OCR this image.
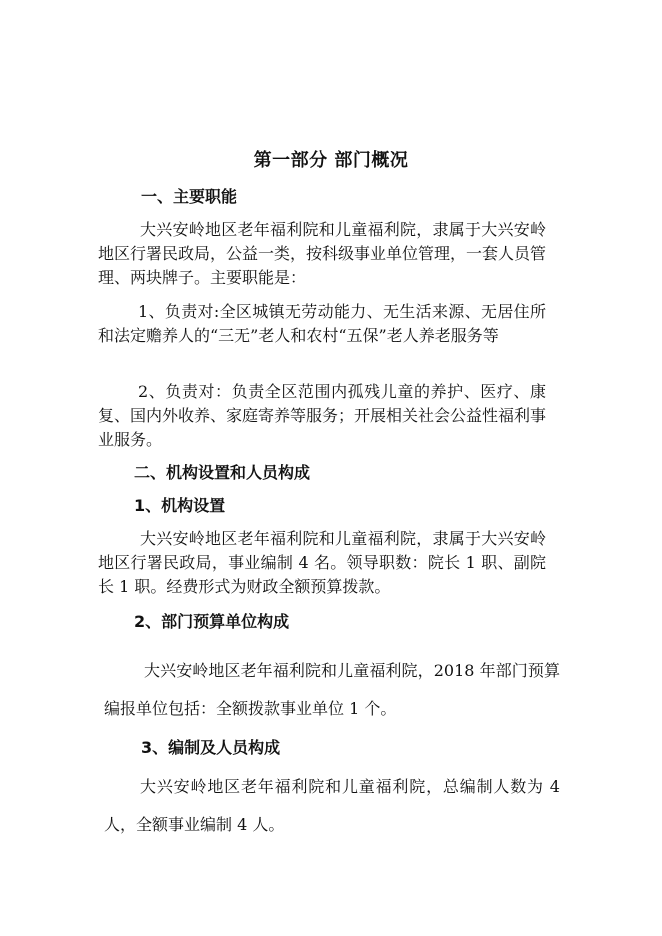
第一部分 部门概况
一、主要职能
大兴安岭地区老年福利院和儿童福利院，隶属于大兴安岭地区行署民政局，公益一类，按科级事业单位管理，一套人员管理、两块牌子。主要职能是：
1、负责对:全区城镇无劳动能力、无生活来源、无居住所和法定赡养人的“三无”老人和农村“五保”老人养老服务等
2、负责对：负责全区范围内孤残儿童的养护、医疗、康复、国内外收养、家庭寄养等服务；开展相关社会公益性福利事业服务。
二、机构设置和人员构成
1、机构设置
大兴安岭地区老年福利院和儿童福利院，隶属于大兴安岭地区行署民政局，事业编制 4 名。领导职数：院长 1 职、副院长 1 职。经费形式为财政全额预算拨款。
2、部门预算单位构成
大兴安岭地区老年福利院和儿童福利院，2018 年部门预算编报单位包括：全额拨款事业单位 1 个。
3、编制及人员构成
大兴安岭地区老年福利院和儿童福利院，总编制人数为 4 人，全额事业编制 4 人。
